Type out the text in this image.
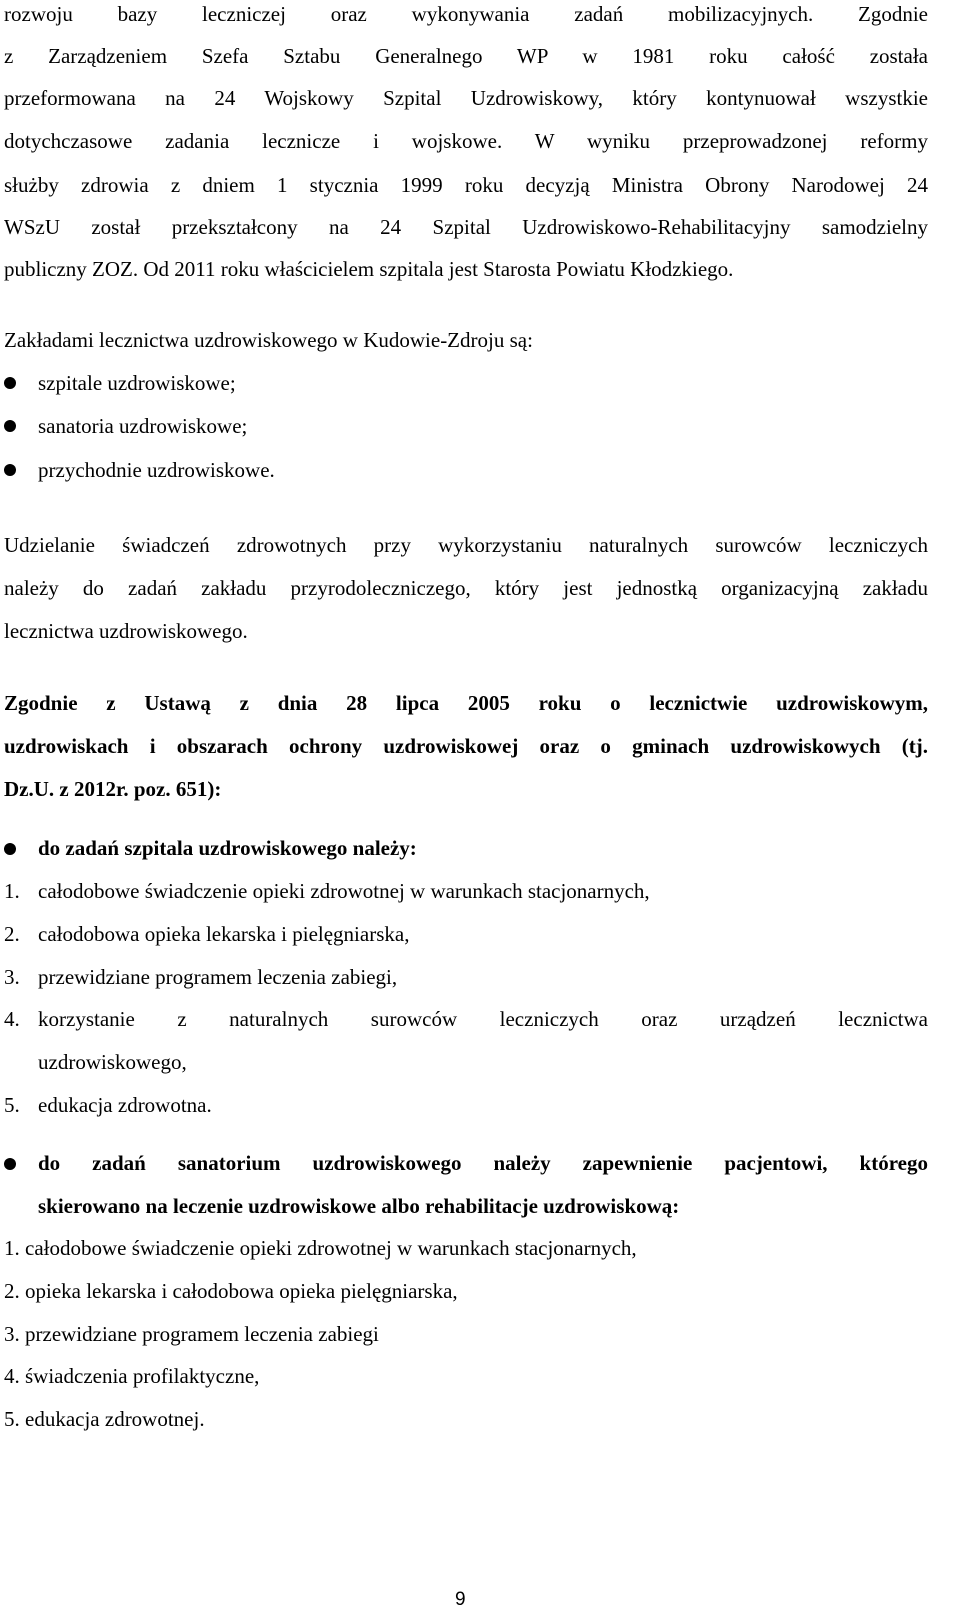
rozwoju bazy leczniczej oraz wykonywania zadań mobilizacyjnych. Zgodnie
z Zarządzeniem Szefa Sztabu Generalnego WP w 1981 roku całość została
przeformowana na 24 Wojskowy Szpital Uzdrowiskowy, który kontynuował wszystkie
dotychczasowe zadania lecznicze i wojskowe. W wyniku przeprowadzonej reformy
służby zdrowia z dniem 1 stycznia 1999 roku decyzją Ministra Obrony Narodowej 24
WSzU został przekształcony na 24 Szpital Uzdrowiskowo-Rehabilitacyjny samodzielny
publiczny ZOZ. Od 2011 roku właścicielem szpitala jest Starosta Powiatu Kłodzkiego.
Zakładami lecznictwa uzdrowiskowego w Kudowie-Zdroju są:
szpitale uzdrowiskowe;
sanatoria uzdrowiskowe;
przychodnie uzdrowiskowe.
Udzielanie świadczeń zdrowotnych przy wykorzystaniu naturalnych surowców leczniczych
należy do zadań zakładu przyrodoleczniczego, który jest jednostką organizacyjną zakładu
lecznictwa uzdrowiskowego.
Zgodnie z Ustawą z dnia 28 lipca 2005 roku o lecznictwie uzdrowiskowym,
uzdrowiskach i obszarach ochrony uzdrowiskowej oraz o gminach uzdrowiskowych (tj.
Dz.U. z 2012r. poz. 651):
do zadań szpitala uzdrowiskowego należy:
1. całodobowe świadczenie opieki zdrowotnej w warunkach stacjonarnych,
2. całodobowa opieka lekarska i pielęgniarska,
3. przewidziane programem leczenia zabiegi,
4. korzystanie z naturalnych surowców leczniczych oraz urządzeń lecznictwa
uzdrowiskowego,
5. edukacja zdrowotna.
do zadań sanatorium uzdrowiskowego należy zapewnienie pacjentowi, którego
skierowano na leczenie uzdrowiskowe albo rehabilitacje uzdrowiskową:
1. całodobowe świadczenie opieki zdrowotnej w warunkach stacjonarnych,
2. opieka lekarska i całodobowa opieka pielęgniarska,
3. przewidziane programem leczenia zabiegi
4. świadczenia profilaktyczne,
5. edukacja zdrowotnej.
9
